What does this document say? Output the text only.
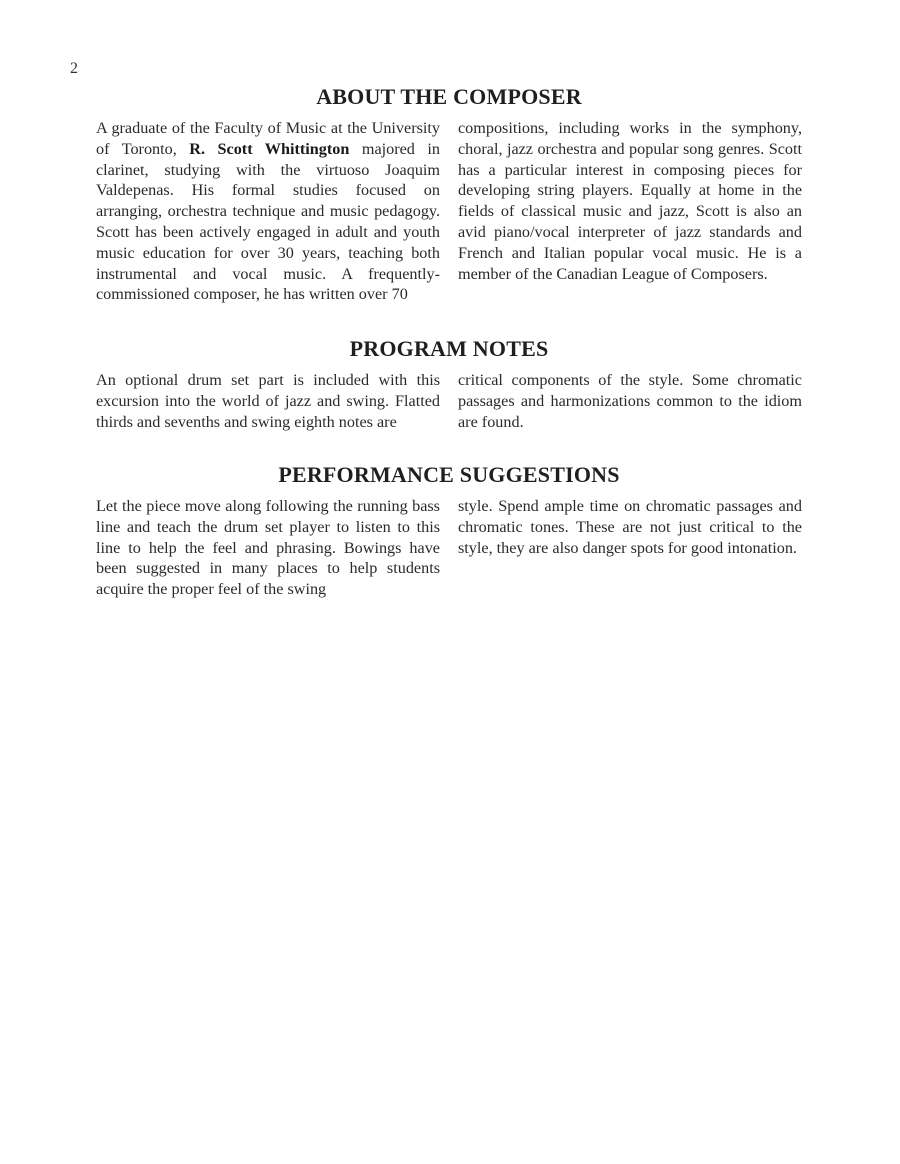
2
ABOUT THE COMPOSER

A graduate of the Faculty of Music at the University of Toronto, R. Scott Whittington majored in clarinet, studying with the virtuoso Joaquim Valdepenas. His formal studies focused on arranging, orchestra technique and music pedagogy. Scott has been actively engaged in adult and youth music education for over 30 years, teaching both instrumental and vocal music. A frequently-commissioned composer, he has written over 70

compositions, including works in the symphony, choral, jazz orchestra and popular song genres. Scott has a particular interest in composing pieces for developing string players. Equally at home in the fields of classical music and jazz, Scott is also an avid piano/vocal interpreter of jazz standards and French and Italian popular vocal music. He is a member of the Canadian League of Composers.

PROGRAM NOTES

An optional drum set part is included with this excursion into the world of jazz and swing. Flatted thirds and sevenths and swing eighth notes are

critical components of the style. Some chromatic passages and harmonizations common to the idiom are found.

PERFORMANCE SUGGESTIONS

Let the piece move along following the running bass line and teach the drum set player to listen to this line to help the feel and phrasing. Bowings have been suggested in many places to help students acquire the proper feel of the swing

style. Spend ample time on chromatic passages and chromatic tones. These are not just critical to the style, they are also danger spots for good intonation.
